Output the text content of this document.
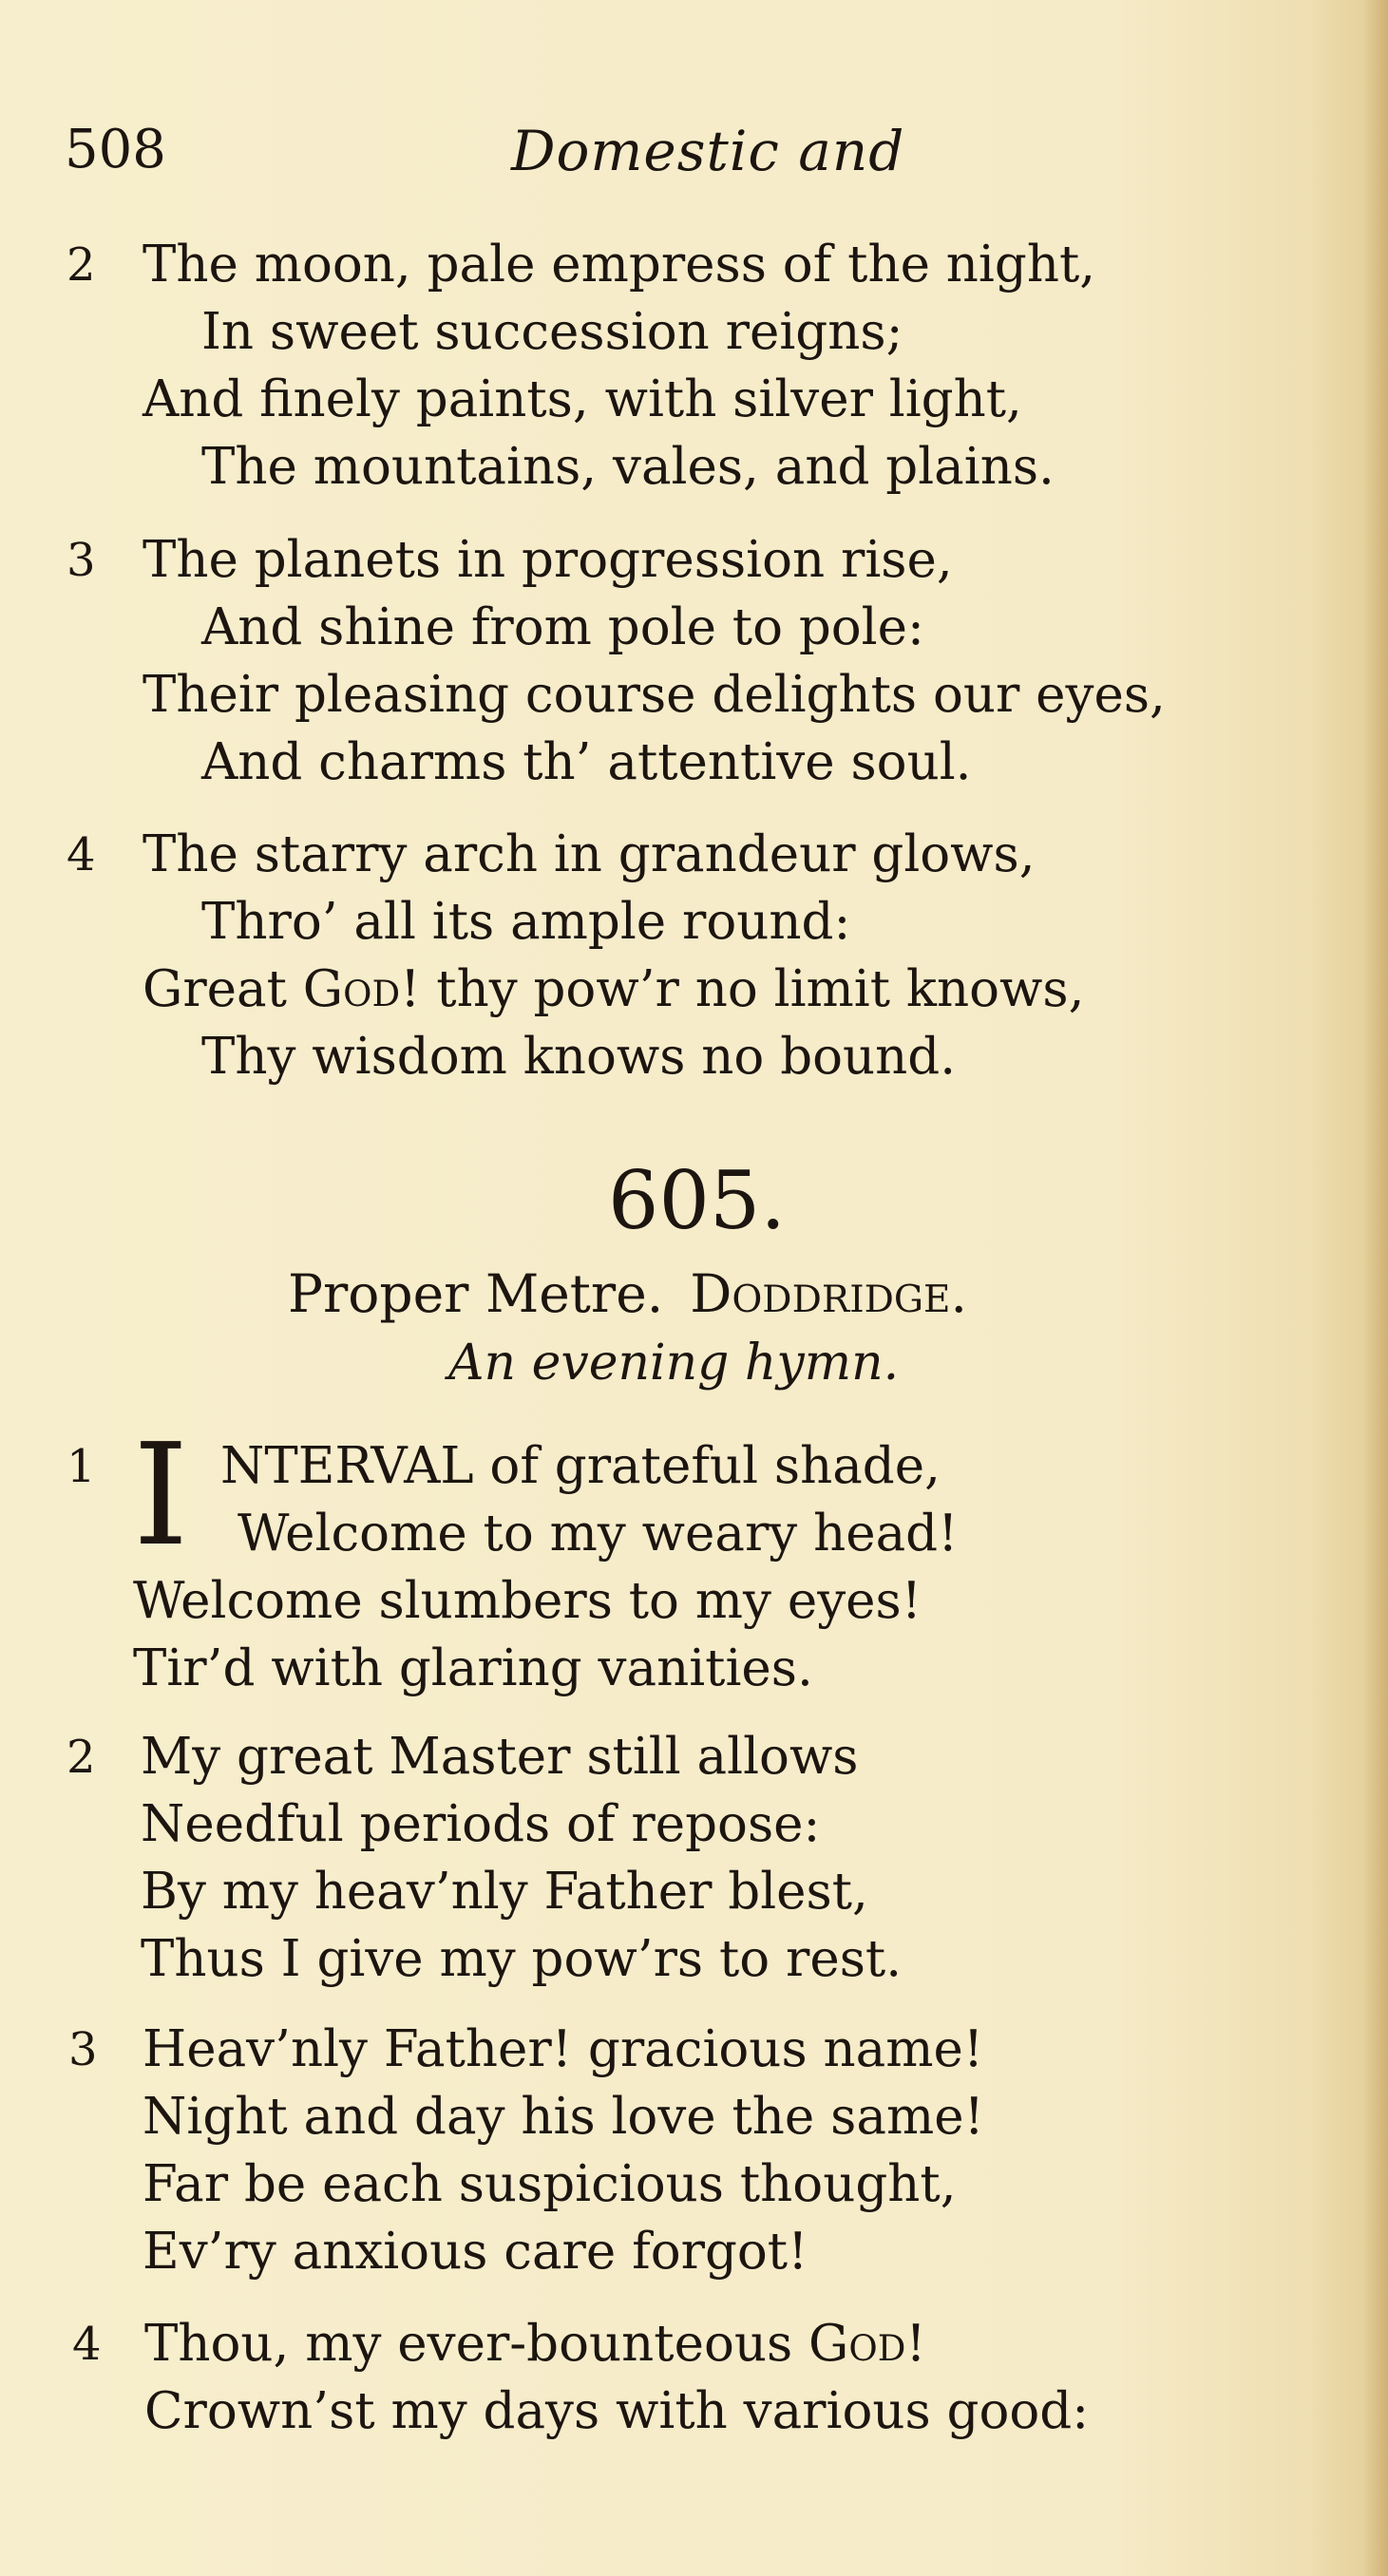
508	Domestic and
2 The moon, pale empress of the night,
In sweet succession reigns;
And finely paints, with silver light,
The mountains, vales, and plains.
3 The planets in progression rise,
And shine from pole to pole:
Their pleasing course delights our eyes,
And charms th’ attentive soul.
4 The starry arch in grandeur glows,
Thro’ all its ample round:
Great God! thy pow’r no limit knows,
Thy wisdom knows no bound.
605.
Proper Metre. Doddridge.
An evening hymn.
1 I NTERVAL of grateful shade,
Welcome to my weary head!
Welcome slumbers to my eyes!
Tir’d with glaring vanities.
2 My great Master still allows
Needful periods of repose:
By my heav’nly Father blest,
Thus I give my pow’rs to rest.
3 Heav’nly Father! gracious name!
Night and day his love the same!
Far be each suspicious thought,
Ev’ry anxious care forgot!
4 Thou, my ever-bounteous God!
Crown’st my days with various good:
